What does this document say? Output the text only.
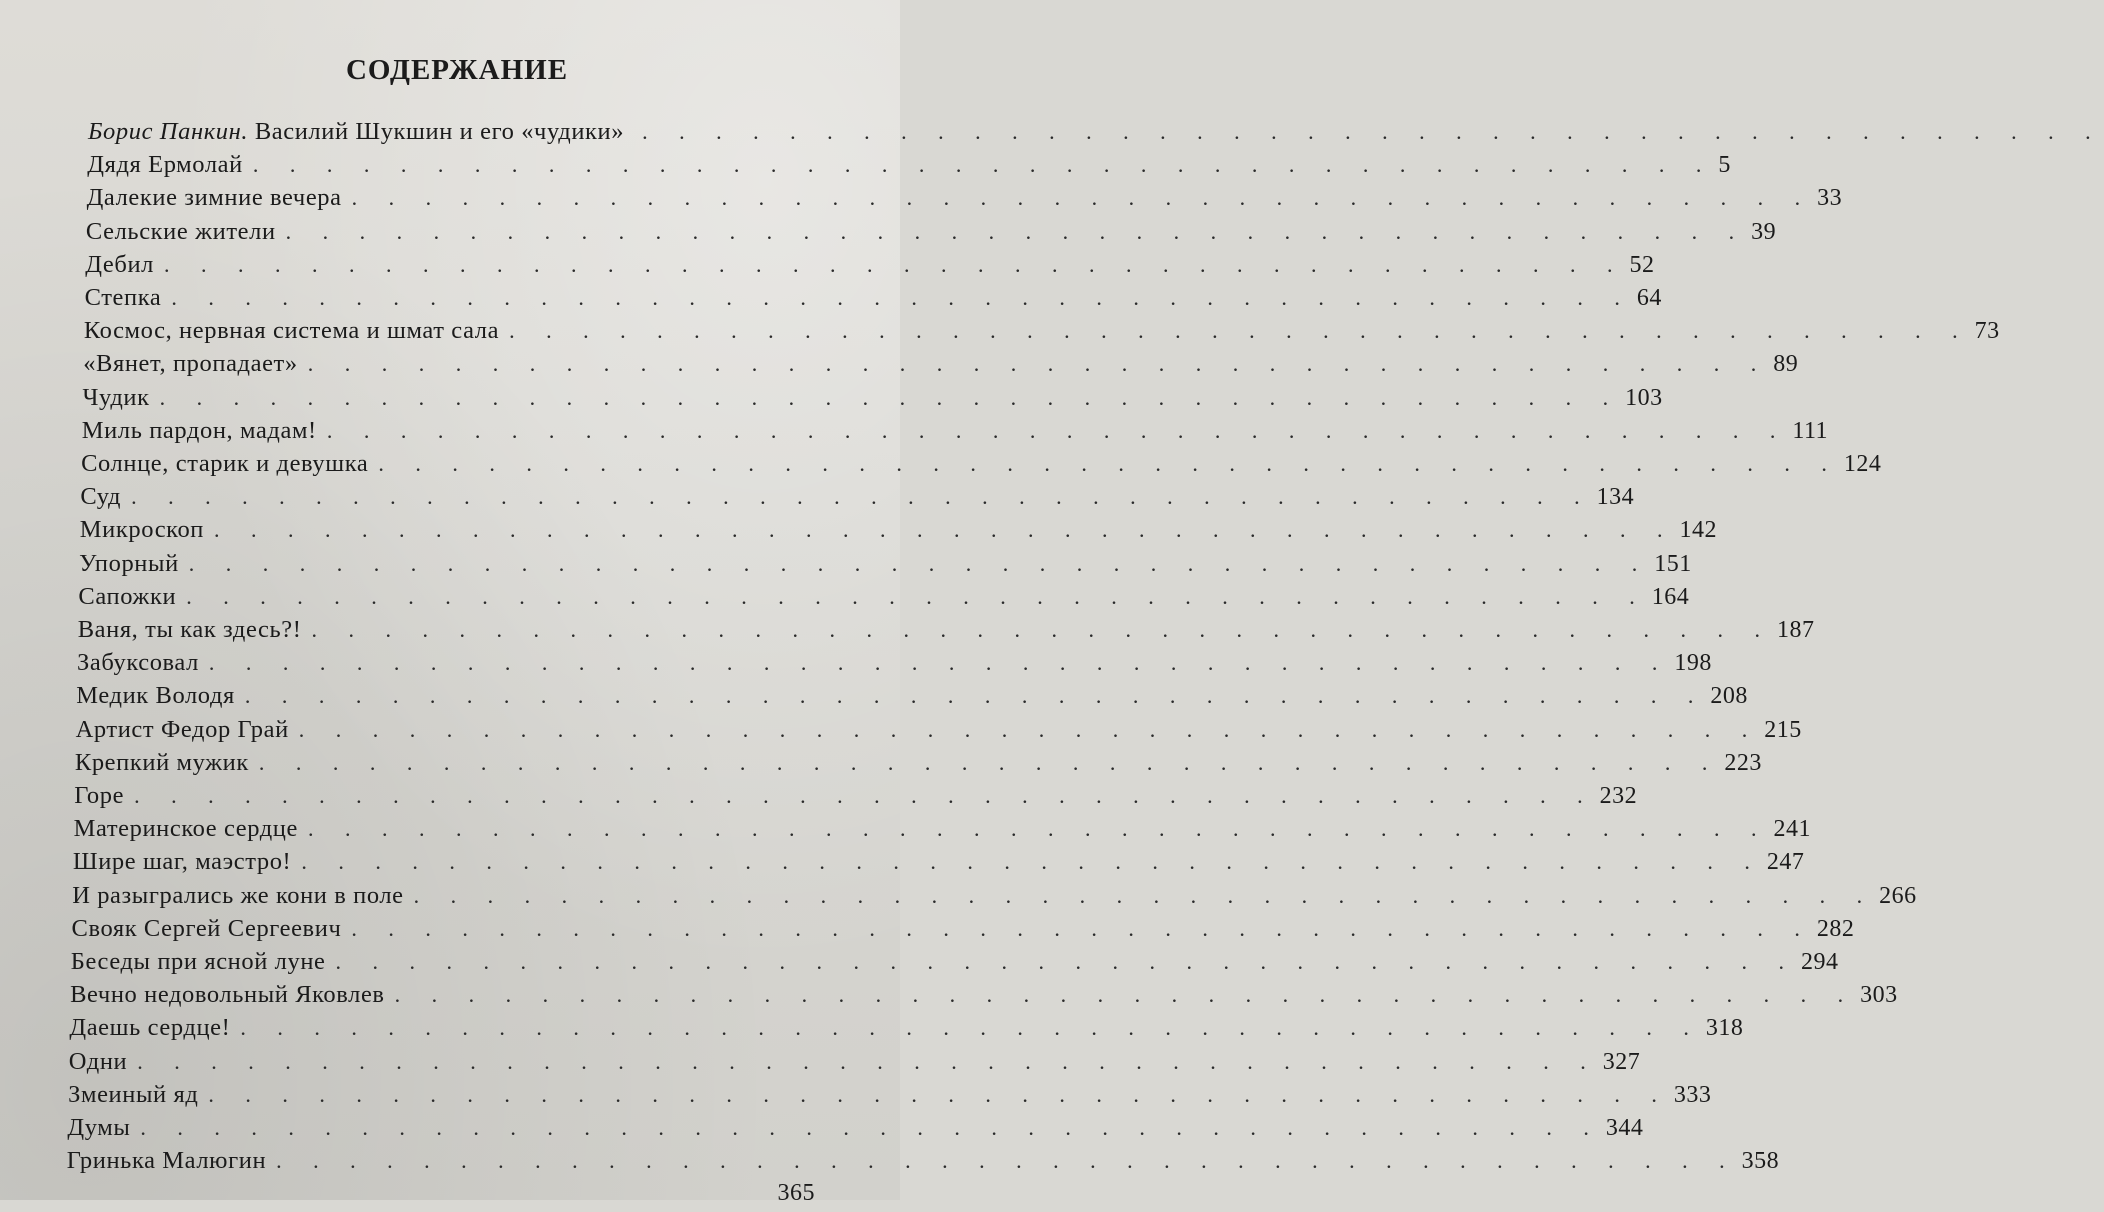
СОДЕРЖАНИЕ
Борис Панкин. Василий Шукшин и его «чудики» . . . . . . . . . . . . . . . . . . . . . . . . . . . . . . . . . . . . . . . .
Дядя Ермолай . . . . . . . . . . . . . . . . . . . . . . . . . . . . . . . . . . . . . . . . 5
Далекие зимние вечера . . . . . . . . . . . . . . . . . . . . . . . . . . . . . . . . . . . . . . . . 33
Сельские жители . . . . . . . . . . . . . . . . . . . . . . . . . . . . . . . . . . . . . . . . 39
Дебил . . . . . . . . . . . . . . . . . . . . . . . . . . . . . . . . . . . . . . . . 52
Степка . . . . . . . . . . . . . . . . . . . . . . . . . . . . . . . . . . . . . . . . 64
Космос, нервная система и шмат сала . . . . . . . . . . . . . . . . . . . . . . . . . . . . . . . . . . . . . . . . 73
«Вянет, пропадает» . . . . . . . . . . . . . . . . . . . . . . . . . . . . . . . . . . . . . . . . 89
Чудик . . . . . . . . . . . . . . . . . . . . . . . . . . . . . . . . . . . . . . . . 103
Миль пардон, мадам! . . . . . . . . . . . . . . . . . . . . . . . . . . . . . . . . . . . . . . . . 111
Солнце, старик и девушка . . . . . . . . . . . . . . . . . . . . . . . . . . . . . . . . . . . . . . . . 124
Суд . . . . . . . . . . . . . . . . . . . . . . . . . . . . . . . . . . . . . . . . 134
Микроскоп . . . . . . . . . . . . . . . . . . . . . . . . . . . . . . . . . . . . . . . . 142
Упорный . . . . . . . . . . . . . . . . . . . . . . . . . . . . . . . . . . . . . . . . 151
Сапожки . . . . . . . . . . . . . . . . . . . . . . . . . . . . . . . . . . . . . . . . 164
Ваня, ты как здесь?! . . . . . . . . . . . . . . . . . . . . . . . . . . . . . . . . . . . . . . . . 187
Забуксовал . . . . . . . . . . . . . . . . . . . . . . . . . . . . . . . . . . . . . . . . 198
Медик Володя . . . . . . . . . . . . . . . . . . . . . . . . . . . . . . . . . . . . . . . . 208
Артист Федор Грай . . . . . . . . . . . . . . . . . . . . . . . . . . . . . . . . . . . . . . . . 215
Крепкий мужик . . . . . . . . . . . . . . . . . . . . . . . . . . . . . . . . . . . . . . . . 223
Горе . . . . . . . . . . . . . . . . . . . . . . . . . . . . . . . . . . . . . . . . 232
Материнское сердце . . . . . . . . . . . . . . . . . . . . . . . . . . . . . . . . . . . . . . . . 241
Шире шаг, маэстро! . . . . . . . . . . . . . . . . . . . . . . . . . . . . . . . . . . . . . . . . 247
И разыгрались же кони в поле . . . . . . . . . . . . . . . . . . . . . . . . . . . . . . . . . . . . . . . . 266
Свояк Сергей Сергеевич . . . . . . . . . . . . . . . . . . . . . . . . . . . . . . . . . . . . . . . . 282
Беседы при ясной луне . . . . . . . . . . . . . . . . . . . . . . . . . . . . . . . . . . . . . . . . 294
Вечно недовольный Яковлев . . . . . . . . . . . . . . . . . . . . . . . . . . . . . . . . . . . . . . . . 303
Даешь сердце! . . . . . . . . . . . . . . . . . . . . . . . . . . . . . . . . . . . . . . . . 318
Одни . . . . . . . . . . . . . . . . . . . . . . . . . . . . . . . . . . . . . . . . 327
Змеиный яд . . . . . . . . . . . . . . . . . . . . . . . . . . . . . . . . . . . . . . . . 333
Думы . . . . . . . . . . . . . . . . . . . . . . . . . . . . . . . . . . . . . . . . 344
Гринька Малюгин . . . . . . . . . . . . . . . . . . . . . . . . . . . . . . . . . . . . . . . . 358
365
